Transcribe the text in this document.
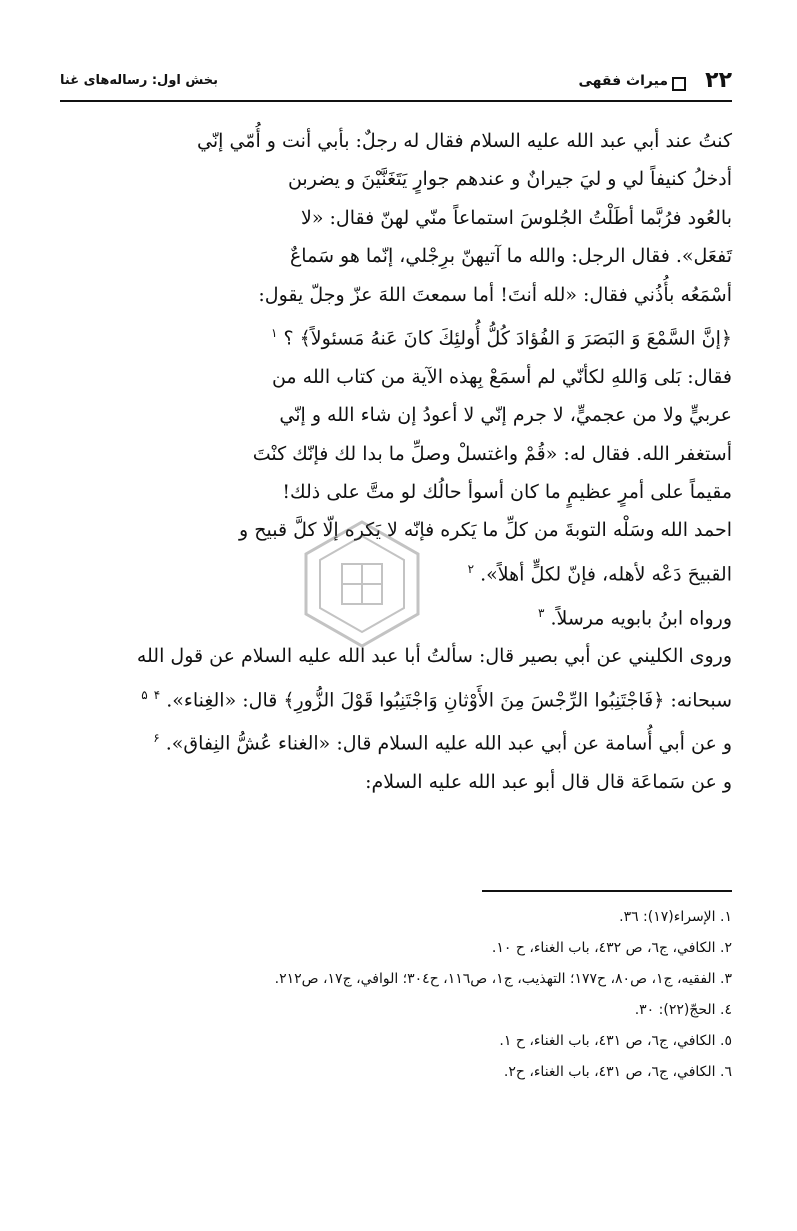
۲۲
میراث فقهی
بخش اول: رساله‌های غنا

كنتُ عند أبي عبد الله عليه السلام فقال له رجلٌ: بأبي أنت و أُمّي إنّي

أدخلُ كنيفاً لي و ليَ جيرانٌ و عندهم جوارٍ يَتَغَنَّيْنَ و يضربن

بالعُود فرُبَّما أطَلْتُ الجُلوسَ استماعاً منّي لهنّ فقال: «لا

تَفعَل». فقال الرجل: والله ما آتيهنّ برِجْلي، إنّما هو سَماعٌ

أسْمَعُه بأُذُني فقال: «لله أنتَ! أما سمعتَ اللهَ عزّ وجلّ يقول:

﴿إنَّ السَّمْعَ وَ البَصَرَ وَ الفُؤادَ كُلُّ أُولئِكَ كانَ عَنهُ مَسئولاً﴾ ؟ $^۱$

فقال: بَلى وَاللهِ لكأنّي لم أسمَعْ بِهذه الآية من كتاب الله من

عربيٍّ ولا من عجميٍّ، لا جرم إنّي لا أعودُ إن شاء الله و إنّي

أستغفر الله. فقال له: «قُمْ واغتسلْ وصلِّ ما بدا لك فإنّك كنْتَ

مقيماً على أمرٍ عظيمٍ ما كان أسوأ حالُك لو متَّ على ذلك!

احمد الله وسَلْه التوبةَ من كلِّ ما يَكره فإنّه لا يَكره إلّا كلَّ قبيح و

القبيحَ دَعْه لأهله، فإنّ لكلٍّ أهلاً». $^۲$

ورواه ابنُ بابويه مرسلاً. $^۳$

وروى الكليني عن أبي بصير قال: سألتُ أبا عبد الله عليه السلام عن قول الله

سبحانه: ﴿فَاجْتَنِبُوا الرِّجْسَ مِنَ الأَوْثانِ وَاجْتَنِبُوا قَوْلَ الزُّورِ﴾ قال: «الغِناء». $^۴$ $^۵$

و عن أبي أُسامة عن أبي عبد الله عليه السلام قال: «الغناء عُشُّ النِفاق». $^۶$

و عن سَماعَة قال قال أبو عبد الله عليه السلام:

١. الإسراء(١٧): ٣٦.
٢. الكافي، ج٦، ص ٤٣٢، باب الغناء، ح ١٠.
٣. الفقيه، ج١، ص٨٠، ح١٧٧؛ التهذيب، ج١، ص١١٦، ح٣٠٤؛ الوافي، ج١٧، ص٢١٢.
٤. الحجّ(٢٢): ٣٠.
٥. الكافي، ج٦، ص ٤٣١، باب الغناء، ح ١.
٦. الكافي، ج٦، ص ٤٣١، باب الغناء، ح٢.
